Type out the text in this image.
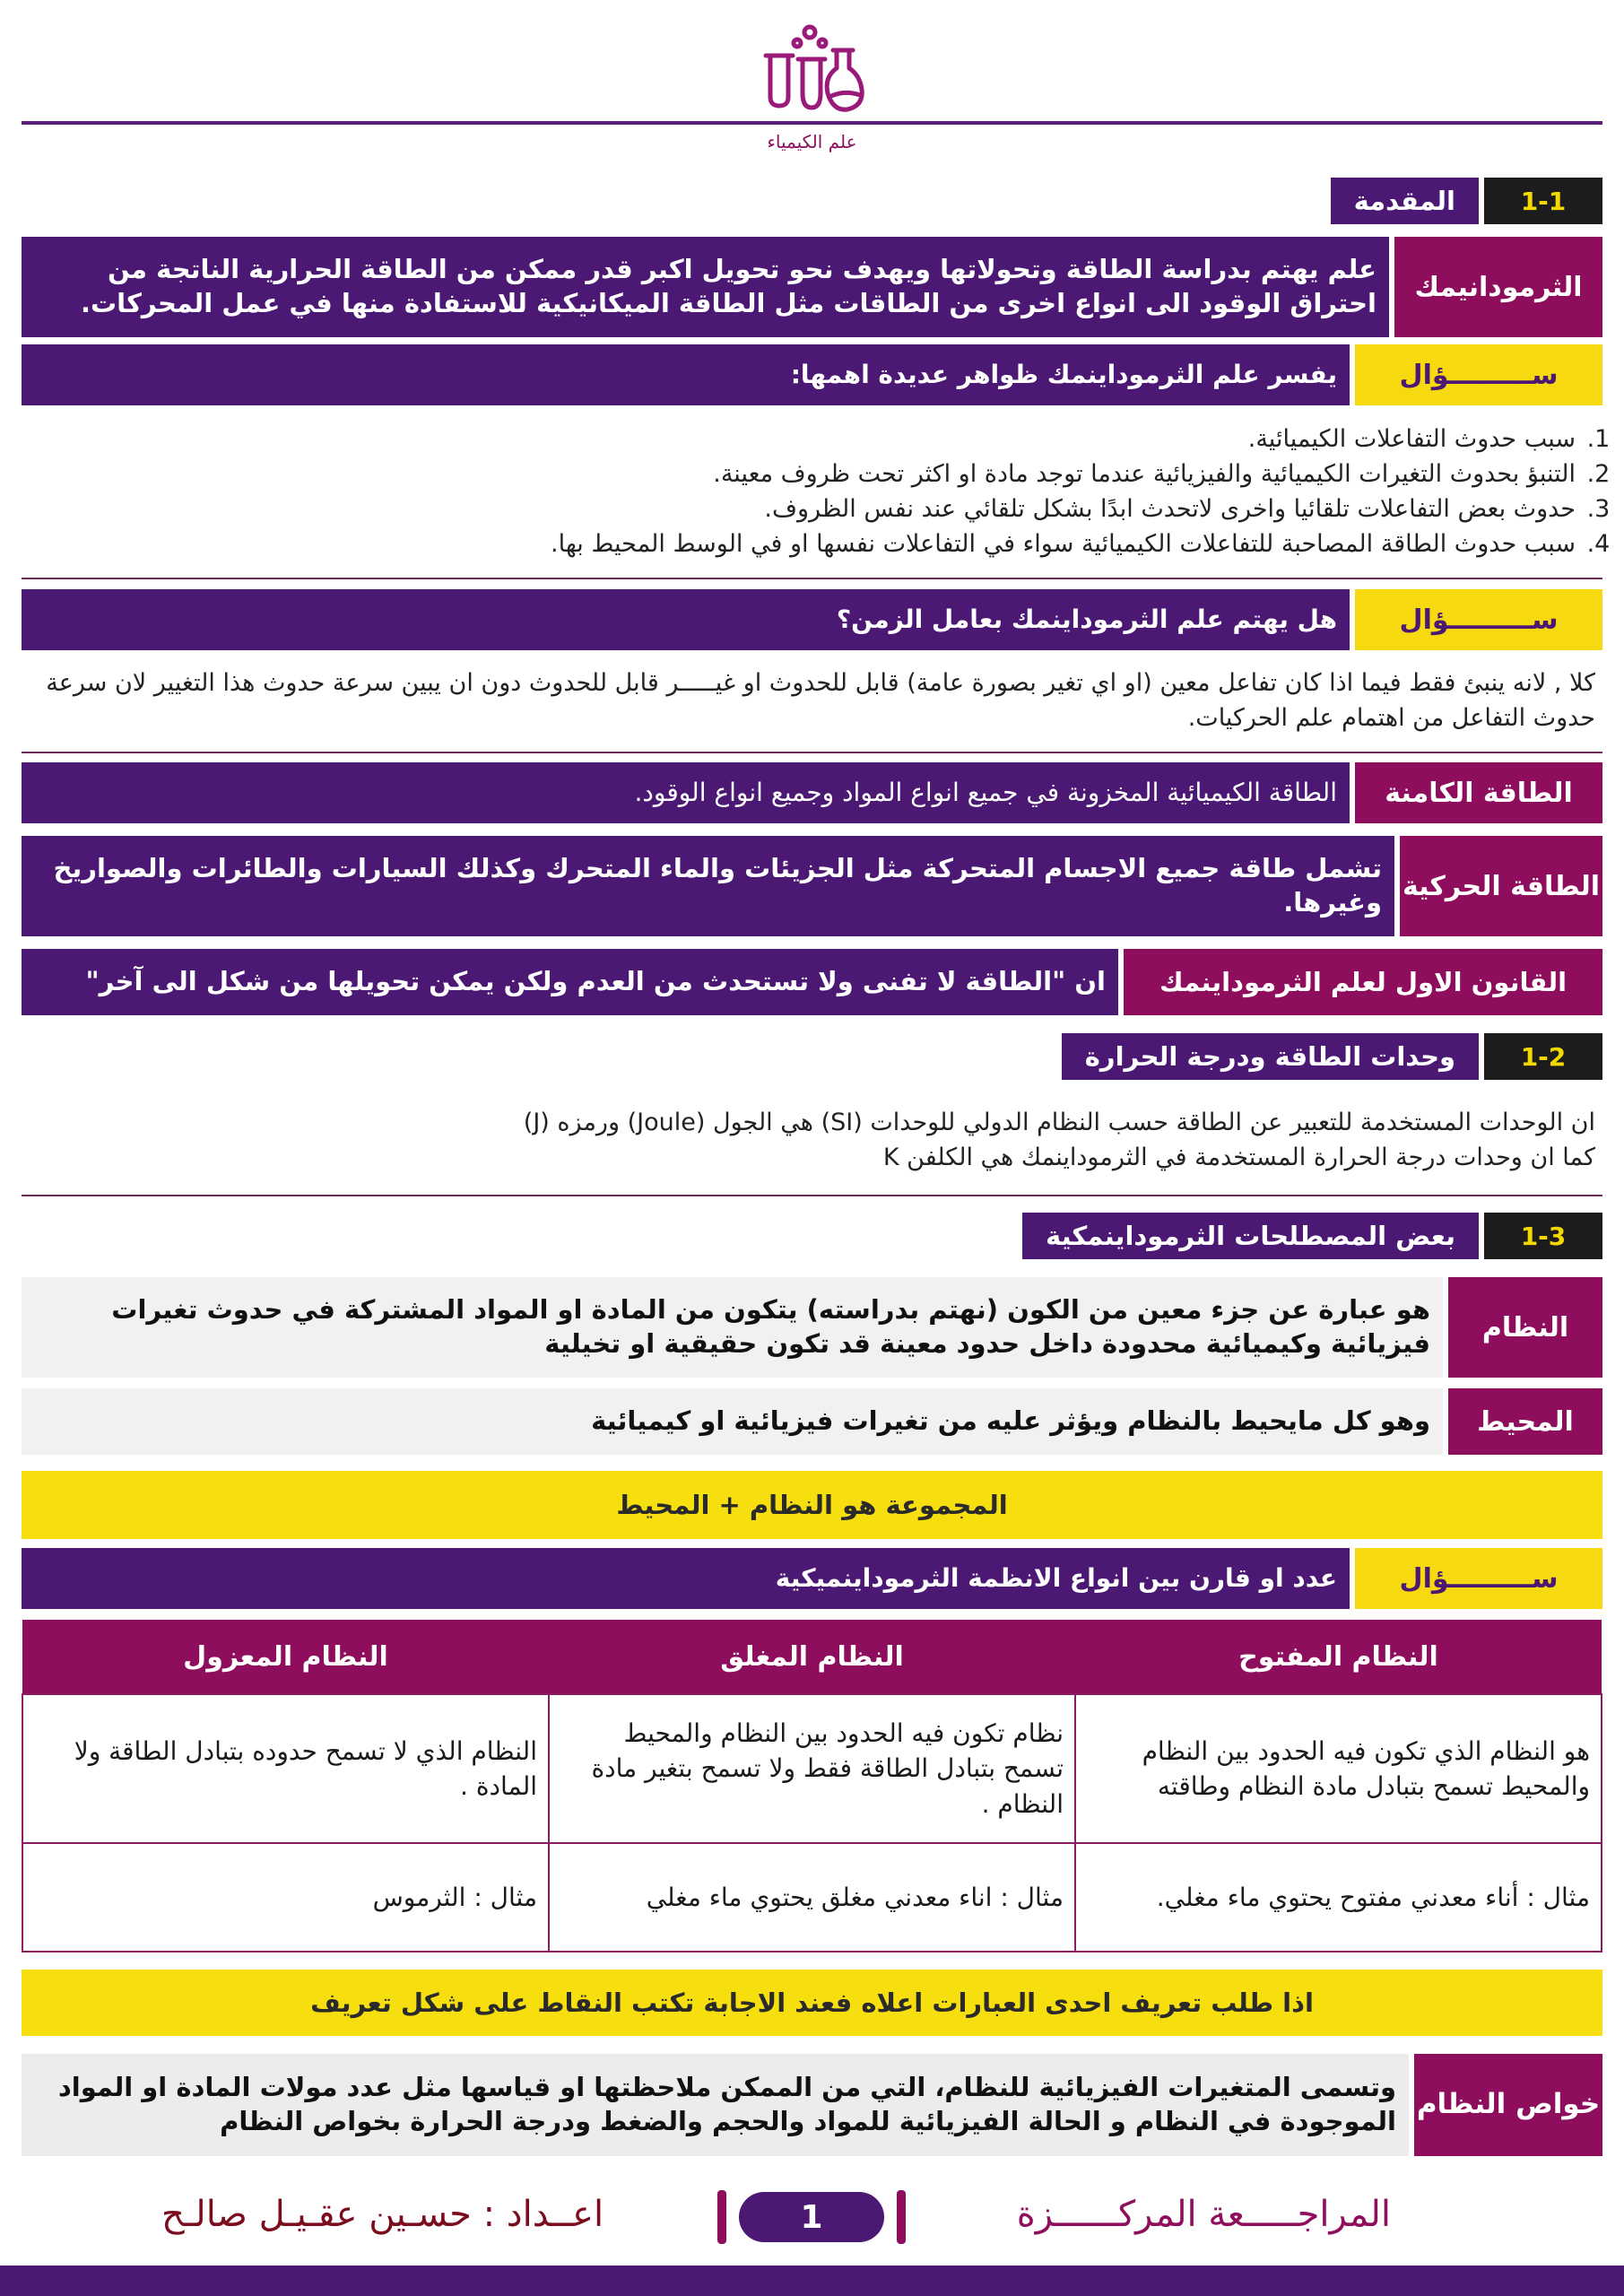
علم الكيمياء
1-1
المقدمة
الثرمودانيمك
علم يهتم بدراسة الطاقة وتحولاتها ويهدف نحو تحويل اكبر قدر ممكن من الطاقة الحرارية الناتجة من احتراق الوقود الى انواع اخرى من الطاقات مثل الطاقة الميكانيكية للاستفادة منها في عمل المحركات.
ســـــــــؤال
يفسر علم الثرموداينمك ظواهر عديدة اهمها:
1. سبب حدوث التفاعلات الكيميائية.
2. التنبؤ بحدوث التغيرات الكيميائية والفيزيائية عندما توجد مادة او اكثر تحت ظروف معينة.
3. حدوث بعض التفاعلات تلقائيا واخرى لاتحدث ابدًا بشكل تلقائي عند نفس الظروف.
4. سبب حدوث الطاقة المصاحبة للتفاعلات الكيميائية سواء في التفاعلات نفسها او في الوسط المحيط بها.
ســـــــــؤال
هل يهتم علم الثرموداينمك بعامل الزمن؟
كلا , لانه ينبئ فقط فيما اذا كان تفاعل معين (او اي تغير بصورة عامة) قابل للحدوث او غيـــــر قابل للحدوث دون ان يبين سرعة حدوث هذا التغيير لان سرعة حدوث التفاعل من اهتمام علم الحركيات.
الطاقة الكامنة
الطاقة الكيميائية المخزونة في جميع انواع المواد وجميع انواع الوقود.
الطاقة الحركية
تشمل طاقة جميع الاجسام المتحركة مثل الجزيئات والماء المتحرك وكذلك السيارات والطائرات والصواريخ وغيرها.
القانون الاول لعلم الثرموداينمك
ان "الطاقة لا تفنى ولا تستحدث من العدم ولكن يمكن تحويلها من شكل الى آخر"
1-2
وحدات الطاقة ودرجة الحرارة
ان الوحدات المستخدمة للتعبير عن الطاقة حسب النظام الدولي للوحدات (SI) هي الجول (Joule) ورمزه (J)
كما ان وحدات درجة الحرارة المستخدمة في الثرموداينمك هي الكلفن K
1-3
بعض المصطلحات الثرموداينمكية
النظام
هو عبارة عن جزء معين من الكون (نهتم بدراسته) يتكون من المادة او المواد المشتركة في حدوث تغيرات فيزيائية وكيميائية محدودة داخل حدود معينة قد تكون حقيقية او تخيلية
المحيط
وهو كل مايحيط بالنظام ويؤثر عليه من تغيرات فيزيائية او كيميائية
المجموعة هو النظام + المحيط
ســـــــــؤال
عدد او قارن بين انواع الانظمة الثرموداينميكية
النظام المفتوح	النظام المغلق	النظام المعزول
هو النظام الذي تكون فيه الحدود بين النظام والمحيط تسمح بتبادل مادة النظام وطاقته	نظام تكون فيه الحدود بين النظام والمحيط تسمح بتبادل الطاقة فقط ولا تسمح بتغير مادة النظام .	النظام الذي لا تسمح حدوده بتبادل الطاقة ولا المادة .
مثال : أناء معدني مفتوح يحتوي ماء مغلي.	مثال : اناء معدني مغلق يحتوي ماء مغلي	مثال : الثرموس
اذا طلب تعريف احدى العبارات اعلاه فعند الاجابة تكتب النقاط على شكل تعريف
خواص النظام
وتسمى المتغيرات الفيزيائية للنظام، التي من الممكن ملاحظتها او قياسها مثل عدد مولات المادة او المواد الموجودة في النظام و الحالة الفيزيائية للمواد والحجم والضغط ودرجة الحرارة بخواص النظام
المراجـــــعة المركــــــزة
1
اعــداد : حسـين عقـيـل صالـح
